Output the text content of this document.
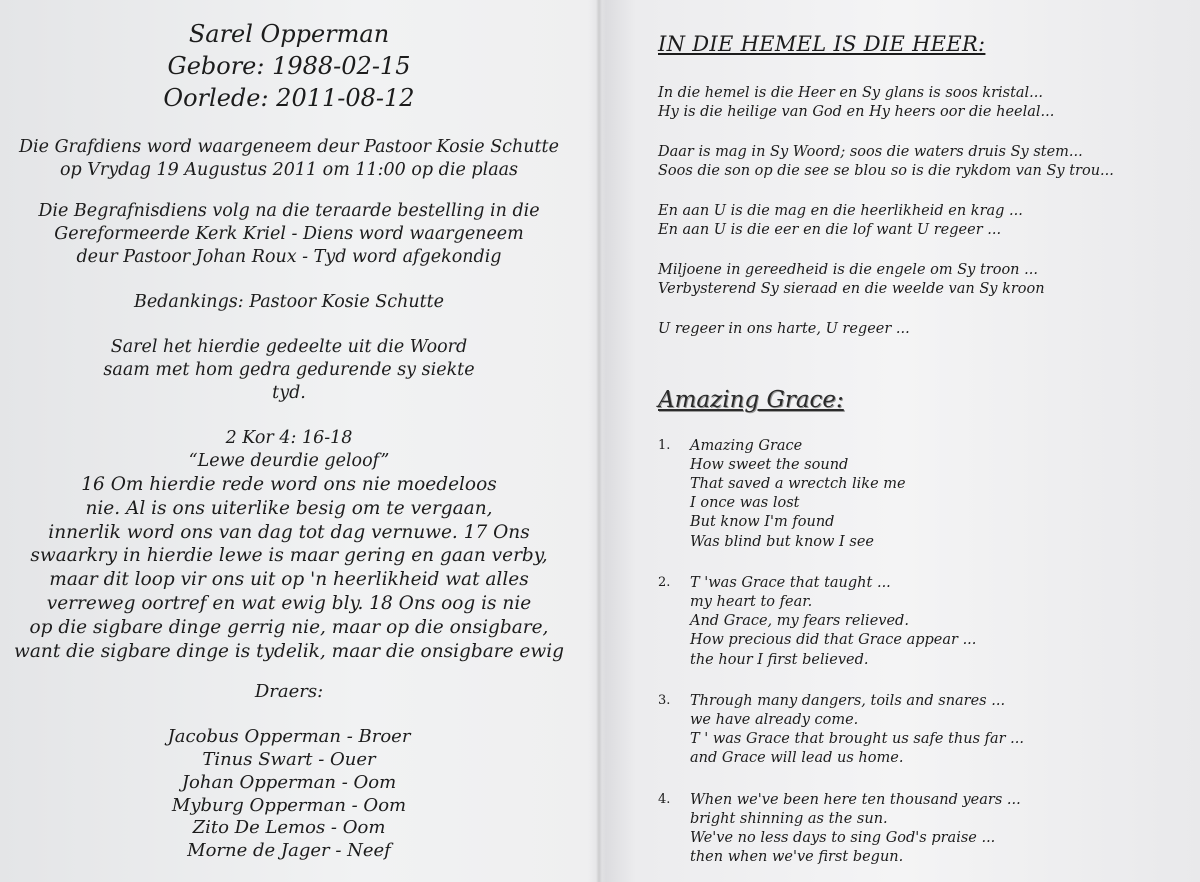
Sarel Opperman

Gebore: 1988-02-15

Oorlede: 2011-08-12

Die Grafdiens word waargeneem deur Pastoor Kosie Schutte

op Vrydag 19 Augustus 2011 om 11:00 op die plaas

Die Begrafnisdiens volg na die teraarde bestelling in die

Gereformeerde Kerk Kriel - Diens word waargeneem

deur Pastoor Johan Roux - Tyd word afgekondig

Bedankings: Pastoor Kosie Schutte

Sarel het hierdie gedeelte uit die Woord

saam met hom gedra gedurende sy siekte

tyd.

2 Kor 4: 16-18

“Lewe deurdie geloof”

16 Om hierdie rede word ons nie moedeloos

nie. Al is ons uiterlike besig om te vergaan,

innerlik word ons van dag tot dag vernuwe. 17 Ons

swaarkry in hierdie lewe is maar gering en gaan verby,

maar dit loop vir ons uit op 'n heerlikheid wat alles

verreweg oortref en wat ewig bly. 18 Ons oog is nie

op die sigbare dinge gerrig nie, maar op die onsigbare,

want die sigbare dinge is tydelik, maar die onsigbare ewig

Draers:

Jacobus Opperman - Broer

Tinus Swart - Ouer

Johan Opperman - Oom

Myburg Opperman - Oom

Zito De Lemos - Oom

Morne de Jager - Neef

IN DIE HEMEL IS DIE HEER:

In die hemel is die Heer en Sy glans is soos kristal...

Hy is die heilige van God en Hy heers oor die heelal...

Daar is mag in Sy Woord; soos die waters druis Sy stem...

Soos die son op die see se blou so is die rykdom van Sy trou...

En aan U is die mag en die heerlikheid en krag ...

En aan U is die eer en die lof want U regeer ...

Miljoene in gereedheid is die engele om Sy troon ...

Verbysterend Sy sieraad en die weelde van Sy kroon

U regeer in ons harte, U regeer ...

Amazing Grace:

1. Amazing Grace

How sweet the sound

That saved a wrectch like me

I once was lost

But know I'm found

Was blind but know I see

2. T 'was Grace that taught ...

my heart to fear.

And Grace, my fears relieved.

How precious did that Grace appear ...

the hour I first believed.

3. Through many dangers, toils and snares ...

we have already come.

T ' was Grace that brought us safe thus far ...

and Grace will lead us home.

4. When we've been here ten thousand years ...

bright shinning as the sun.

We've no less days to sing God's praise ...

then when we've first begun.
